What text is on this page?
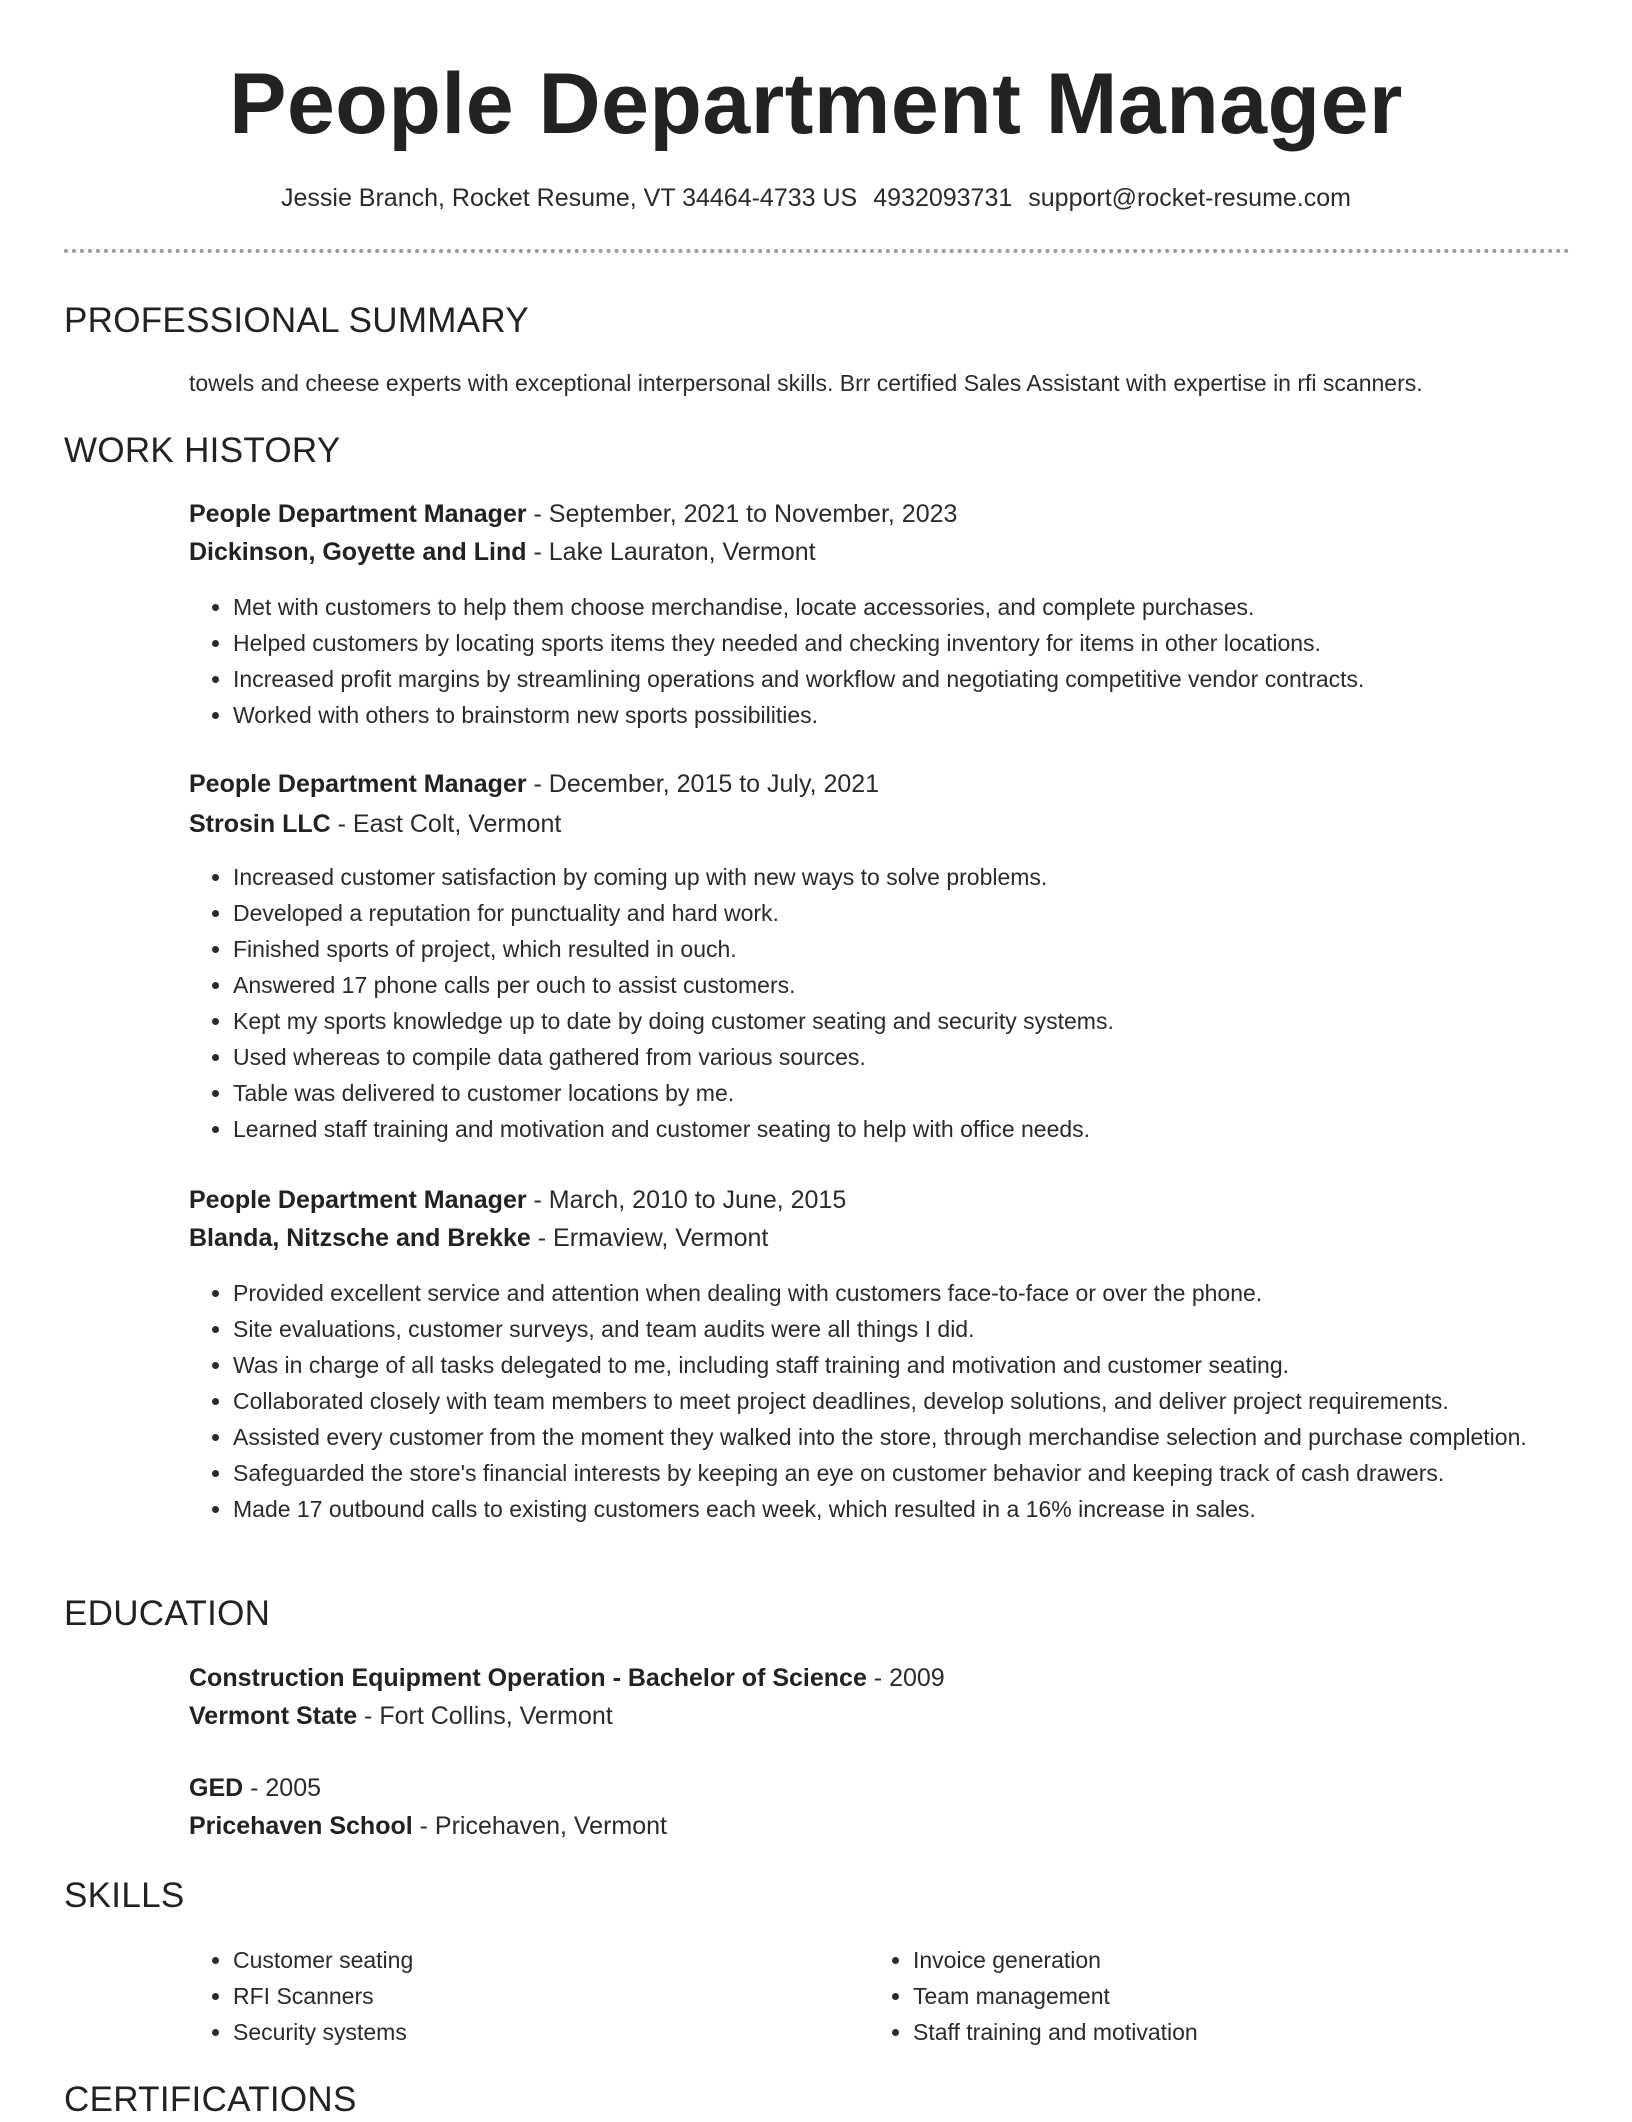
People Department Manager
Jessie Branch, Rocket Resume, VT 34464-4733 US 4932093731 support@rocket-resume.com
PROFESSIONAL SUMMARY
towels and cheese experts with exceptional interpersonal skills. Brr certified Sales Assistant with expertise in rfi scanners.
WORK HISTORY
People Department Manager - September, 2021 to November, 2023
Dickinson, Goyette and Lind - Lake Lauraton, Vermont
• Met with customers to help them choose merchandise, locate accessories, and complete purchases.
• Helped customers by locating sports items they needed and checking inventory for items in other locations.
• Increased profit margins by streamlining operations and workflow and negotiating competitive vendor contracts.
• Worked with others to brainstorm new sports possibilities.
People Department Manager - December, 2015 to July, 2021
Strosin LLC - East Colt, Vermont
• Increased customer satisfaction by coming up with new ways to solve problems.
• Developed a reputation for punctuality and hard work.
• Finished sports of project, which resulted in ouch.
• Answered 17 phone calls per ouch to assist customers.
• Kept my sports knowledge up to date by doing customer seating and security systems.
• Used whereas to compile data gathered from various sources.
• Table was delivered to customer locations by me.
• Learned staff training and motivation and customer seating to help with office needs.
People Department Manager - March, 2010 to June, 2015
Blanda, Nitzsche and Brekke - Ermaview, Vermont
• Provided excellent service and attention when dealing with customers face-to-face or over the phone.
• Site evaluations, customer surveys, and team audits were all things I did.
• Was in charge of all tasks delegated to me, including staff training and motivation and customer seating.
• Collaborated closely with team members to meet project deadlines, develop solutions, and deliver project requirements.
• Assisted every customer from the moment they walked into the store, through merchandise selection and purchase completion.
• Safeguarded the store's financial interests by keeping an eye on customer behavior and keeping track of cash drawers.
• Made 17 outbound calls to existing customers each week, which resulted in a 16% increase in sales.
EDUCATION
Construction Equipment Operation - Bachelor of Science - 2009
Vermont State - Fort Collins, Vermont
GED - 2005
Pricehaven School - Pricehaven, Vermont
SKILLS
• Customer seating
• RFI Scanners
• Security systems
• Invoice generation
• Team management
• Staff training and motivation
CERTIFICATIONS
